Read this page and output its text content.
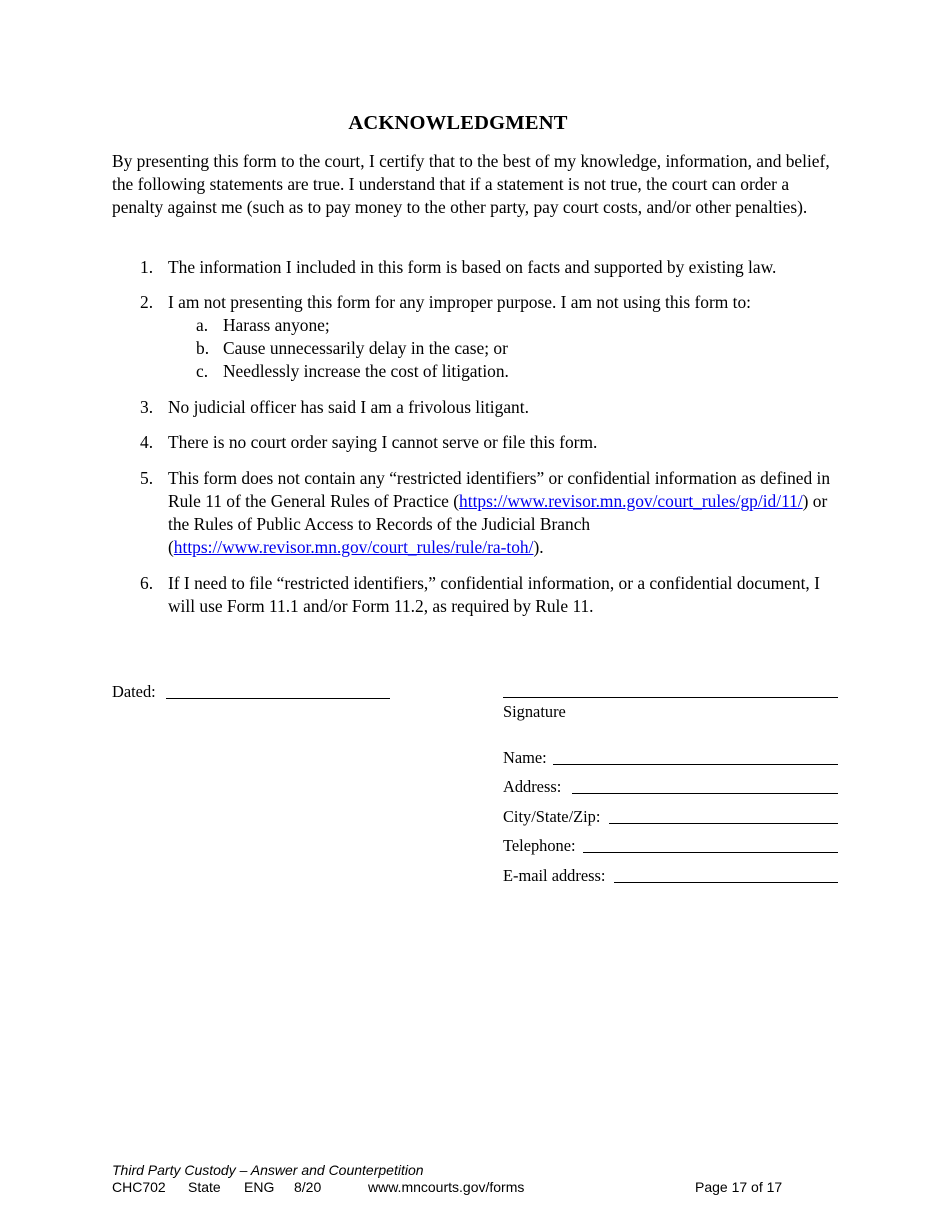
ACKNOWLEDGMENT

By presenting this form to the court, I certify that to the best of my knowledge, information, and belief, the following statements are true. I understand that if a statement is not true, the court can order a penalty against me (such as to pay money to the other party, pay court costs, and/or other penalties).

1. The information I included in this form is based on facts and supported by existing law.
2. I am not presenting this form for any improper purpose. I am not using this form to:
a. Harass anyone;
b. Cause unnecessarily delay in the case; or
c. Needlessly increase the cost of litigation.
3. No judicial officer has said I am a frivolous litigant.
4. There is no court order saying I cannot serve or file this form.
5. This form does not contain any “restricted identifiers” or confidential information as defined in Rule 11 of the General Rules of Practice (https://www.revisor.mn.gov/court_rules/gp/id/11/) or the Rules of Public Access to Records of the Judicial Branch (https://www.revisor.mn.gov/court_rules/rule/ra-toh/).
6. If I need to file “restricted identifiers,” confidential information, or a confidential document, I will use Form 11.1 and/or Form 11.2, as required by Rule 11.
Dated:
Signature
Name:
Address:
City/State/Zip:
Telephone:
E-mail address:
Third Party Custody – Answer and Counterpetition
CHC702 State ENG 8/20	www.mncourts.gov/forms	Page 17 of 17
